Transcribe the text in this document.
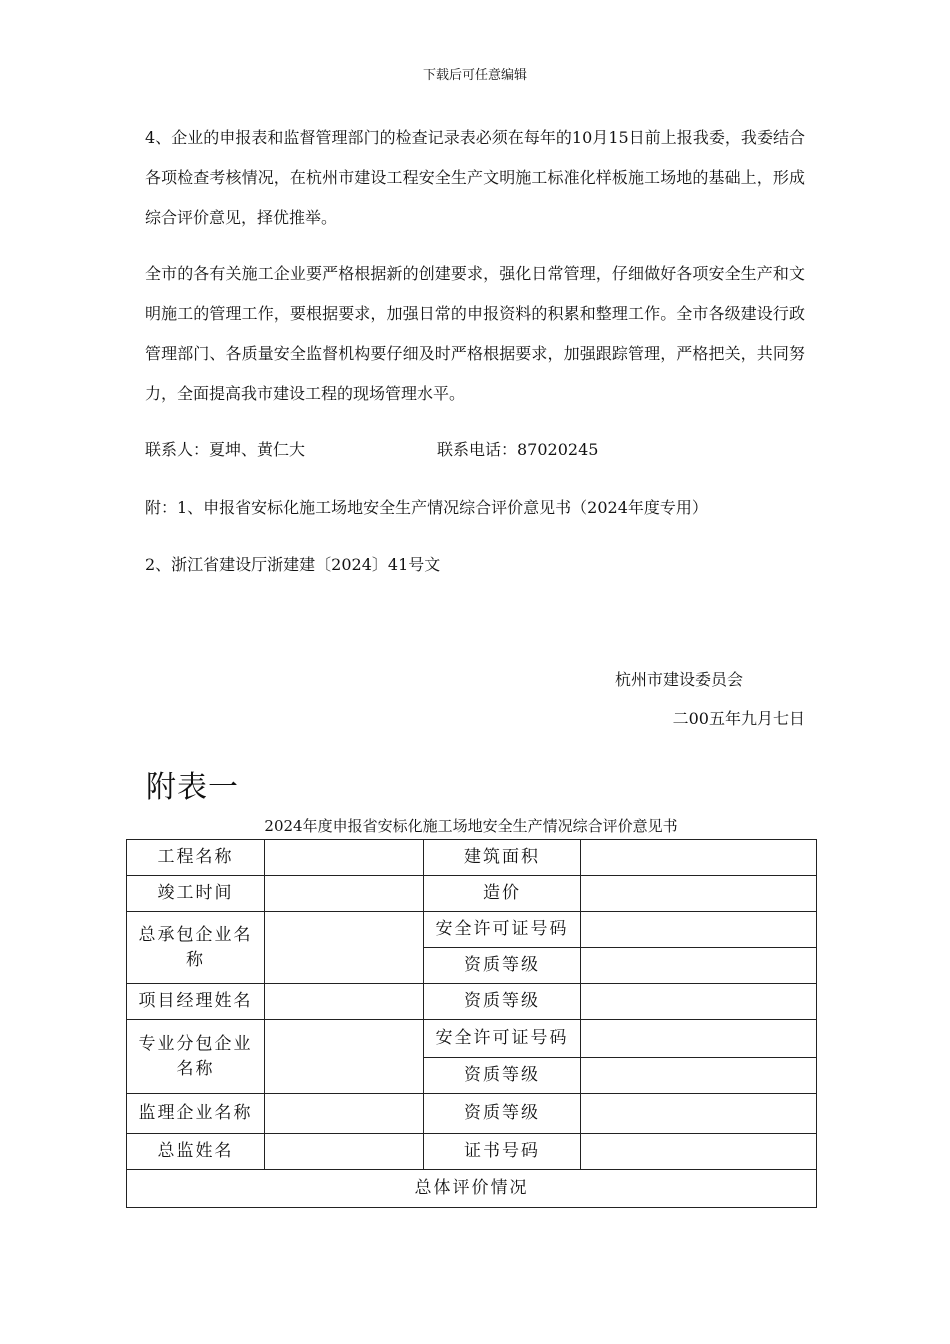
下载后可任意编辑

4、企业的申报表和监督管理部门的检查记录表必须在每年的10月15日前上报我委，我委结合各项检查考核情况，在杭州市建设工程安全生产文明施工标准化样板施工场地的基础上，形成综合评价意见，择优推举。

全市的各有关施工企业要严格根据新的创建要求，强化日常管理，仔细做好各项安全生产和文明施工的管理工作，要根据要求，加强日常的申报资料的积累和整理工作。全市各级建设行政管理部门、各质量安全监督机构要仔细及时严格根据要求，加强跟踪管理，严格把关，共同努力，全面提高我市建设工程的现场管理水平。

联系人：夏坤、黄仁大	联系电话：87020245
附：1、申报省安标化施工场地安全生产情况综合评价意见书（2024年度专用）
2、浙江省建设厅浙建建〔2024〕41号文
杭州市建设委员会
二00五年九月七日
附表一
2024年度申报省安标化施工场地安全生产情况综合评价意见书
工程名称		建筑面积	
竣工时间		造价	
总承包企业名称		安全许可证号码	
		资质等级	
项目经理姓名		资质等级	
专业分包企业名称		安全许可证号码	
		资质等级	
监理企业名称		资质等级	
总监姓名		证书号码	
总体评价情况			
